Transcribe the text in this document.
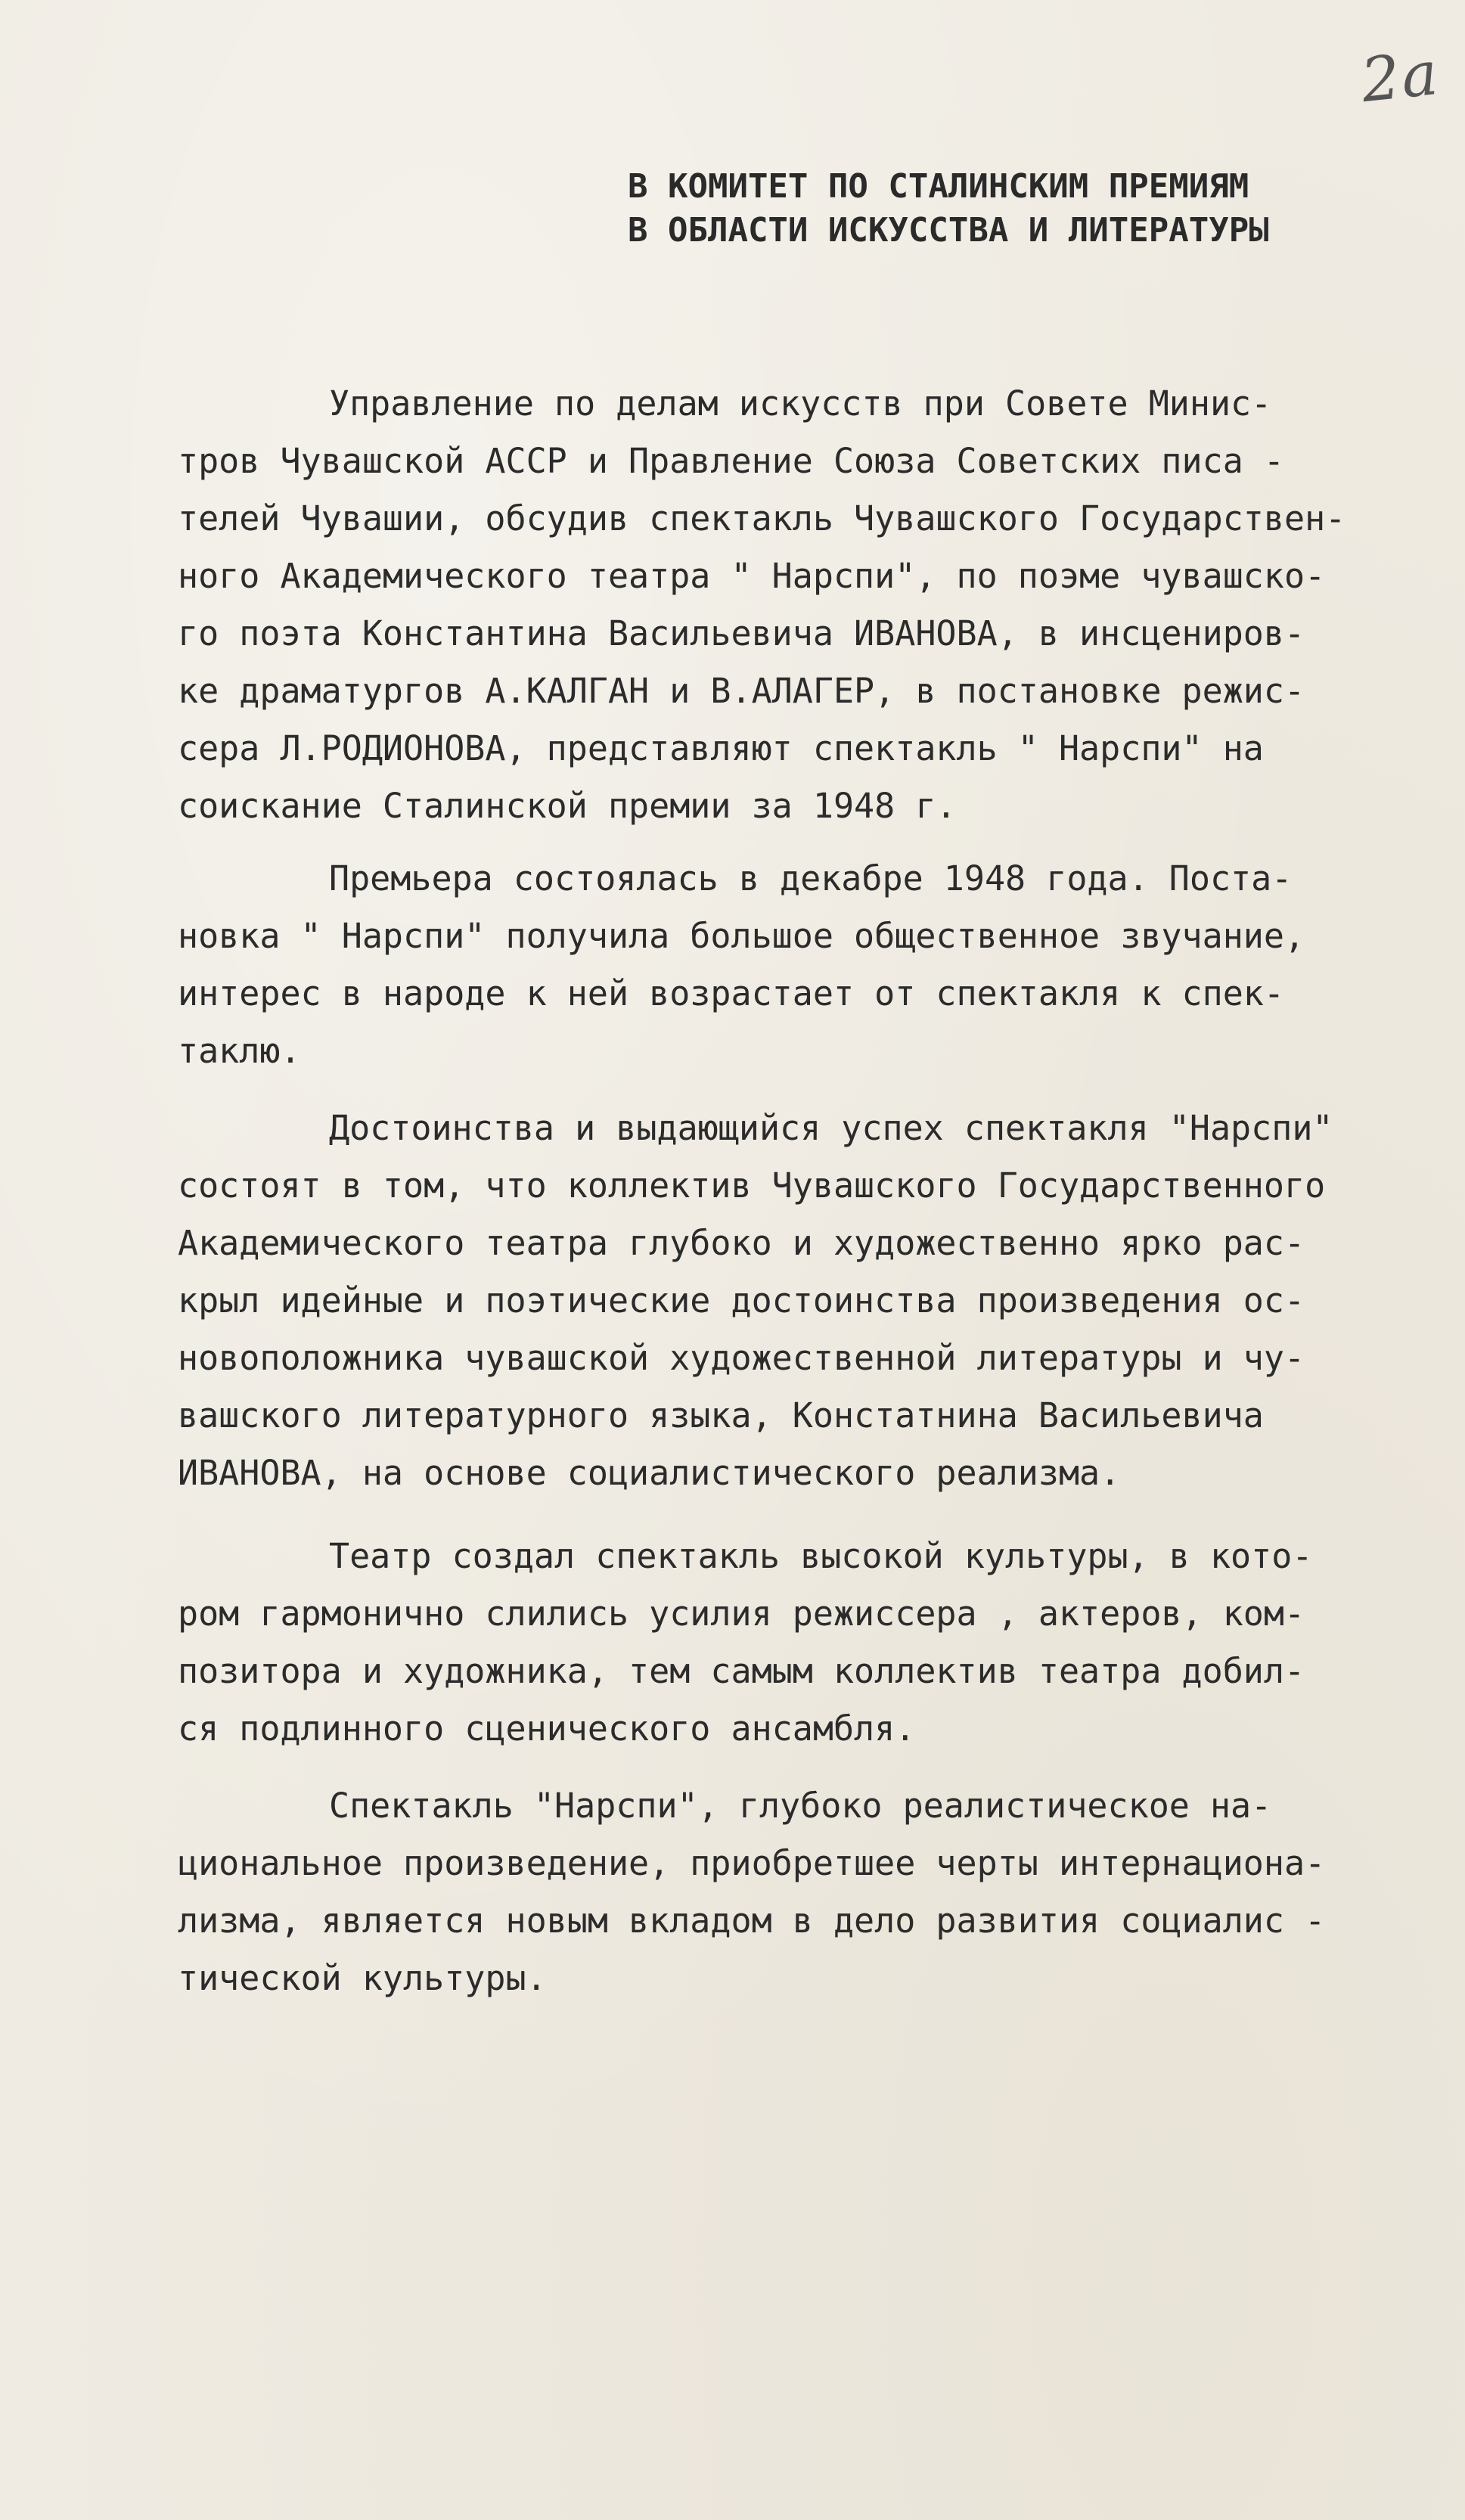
2a
В КОМИТЕТ ПО СТАЛИНСКИМ ПРЕМИЯМ
В ОБЛАСТИ ИСКУССТВА И ЛИТЕРАТУРЫ
Управление по делам искусств при Совете Минис-
тров Чувашской АССР и Правление Союза Советских писа -
телей Чувашии, обсудив спектакль Чувашского Государствен-
ного Академического театра " Нарспи", по поэме чувашско-
го поэта Константина Васильевича ИВАНОВА, в инсцениров-
ке драматургов А.КАЛГАН и В.АЛАГЕР, в постановке режис-
сера Л.РОДИОНОВА, представляют спектакль " Нарспи" на
соискание Сталинской премии за 1948 г.
Премьера состоялась в декабре 1948 года. Поста-
новка " Нарспи" получила большое общественное звучание,
интерес в народе к ней возрастает от спектакля к спек-
таклю.
Достоинства и выдающийся успех спектакля "Нарспи"
состоят в том, что коллектив Чувашского Государственного
Академического театра глубоко и художественно ярко рас-
крыл идейные и поэтические достоинства произведения ос-
новоположника чувашской художественной литературы и чу-
вашского литературного языка, Констатнина Васильевича
ИВАНОВА, на основе социалистического реализма.
Театр создал спектакль высокой культуры, в кото-
ром гармонично слились усилия режиссера , актеров, ком-
позитора и художника, тем самым коллектив театра добил-
ся подлинного сценического ансамбля.
Спектакль "Нарспи", глубоко реалистическое на-
циональное произведение, приобретшее черты интернациона-
лизма, является новым вкладом в дело развития социалис -
тической культуры.
